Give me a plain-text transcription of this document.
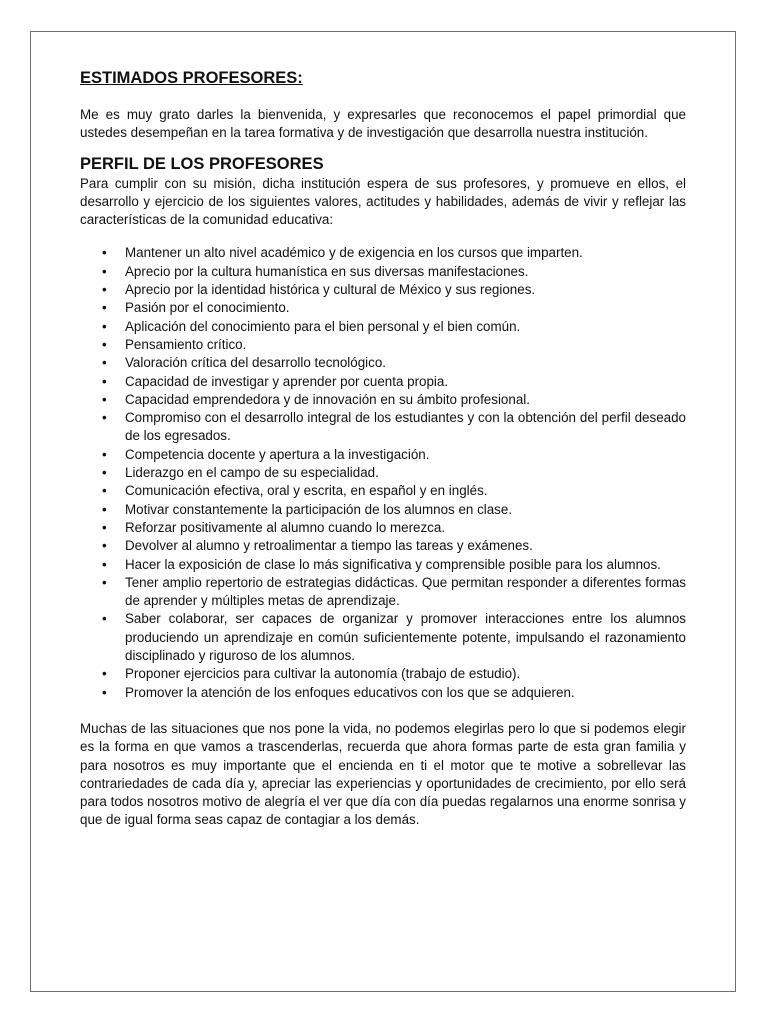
ESTIMADOS PROFESORES:

Me es muy grato darles la bienvenida, y expresarles que reconocemos el papel primordial que ustedes desempeñan en la tarea formativa y de investigación que desarrolla nuestra institución.

PERFIL DE LOS PROFESORES

Para cumplir con su misión, dicha institución espera de sus profesores, y promueve en ellos, el desarrollo y ejercicio de los siguientes valores, actitudes y habilidades, además de vivir y reflejar las características de la comunidad educativa:

• Mantener un alto nivel académico y de exigencia en los cursos que imparten.
• Aprecio por la cultura humanística en sus diversas manifestaciones.
• Aprecio por la identidad histórica y cultural de México y sus regiones.
• Pasión por el conocimiento.
• Aplicación del conocimiento para el bien personal y el bien común.
• Pensamiento crítico.
• Valoración crítica del desarrollo tecnológico.
• Capacidad de investigar y aprender por cuenta propia.
• Capacidad emprendedora y de innovación en su ámbito profesional.
• Compromiso con el desarrollo integral de los estudiantes y con la obtención del perfil deseado de los egresados.
• Competencia docente y apertura a la investigación.
• Liderazgo en el campo de su especialidad.
• Comunicación efectiva, oral y escrita, en español y en inglés.
• Motivar constantemente la participación de los alumnos en clase.
• Reforzar positivamente al alumno cuando lo merezca.
• Devolver al alumno y retroalimentar a tiempo las tareas y exámenes.
• Hacer la exposición de clase lo más significativa y comprensible posible para los alumnos.
• Tener amplio repertorio de estrategias didácticas. Que permitan responder a diferentes formas de aprender y múltiples metas de aprendizaje.
• Saber colaborar, ser capaces de organizar y promover interacciones entre los alumnos produciendo un aprendizaje en común suficientemente potente, impulsando el razonamiento disciplinado y riguroso de los alumnos.
• Proponer ejercicios para cultivar la autonomía (trabajo de estudio).
• Promover la atención de los enfoques educativos con los que se adquieren.

Muchas de las situaciones que nos pone la vida, no podemos elegirlas pero lo que si podemos elegir es la forma en que vamos a trascenderlas, recuerda que ahora formas parte de esta gran familia y para nosotros es muy importante que el encienda en ti el motor que te motive a sobrellevar las contrariedades de cada día y, apreciar las experiencias y oportunidades de crecimiento, por ello será para todos nosotros motivo de alegría el ver que día con día puedas regalarnos una enorme sonrisa y que de igual forma seas capaz de contagiar a los demás.
